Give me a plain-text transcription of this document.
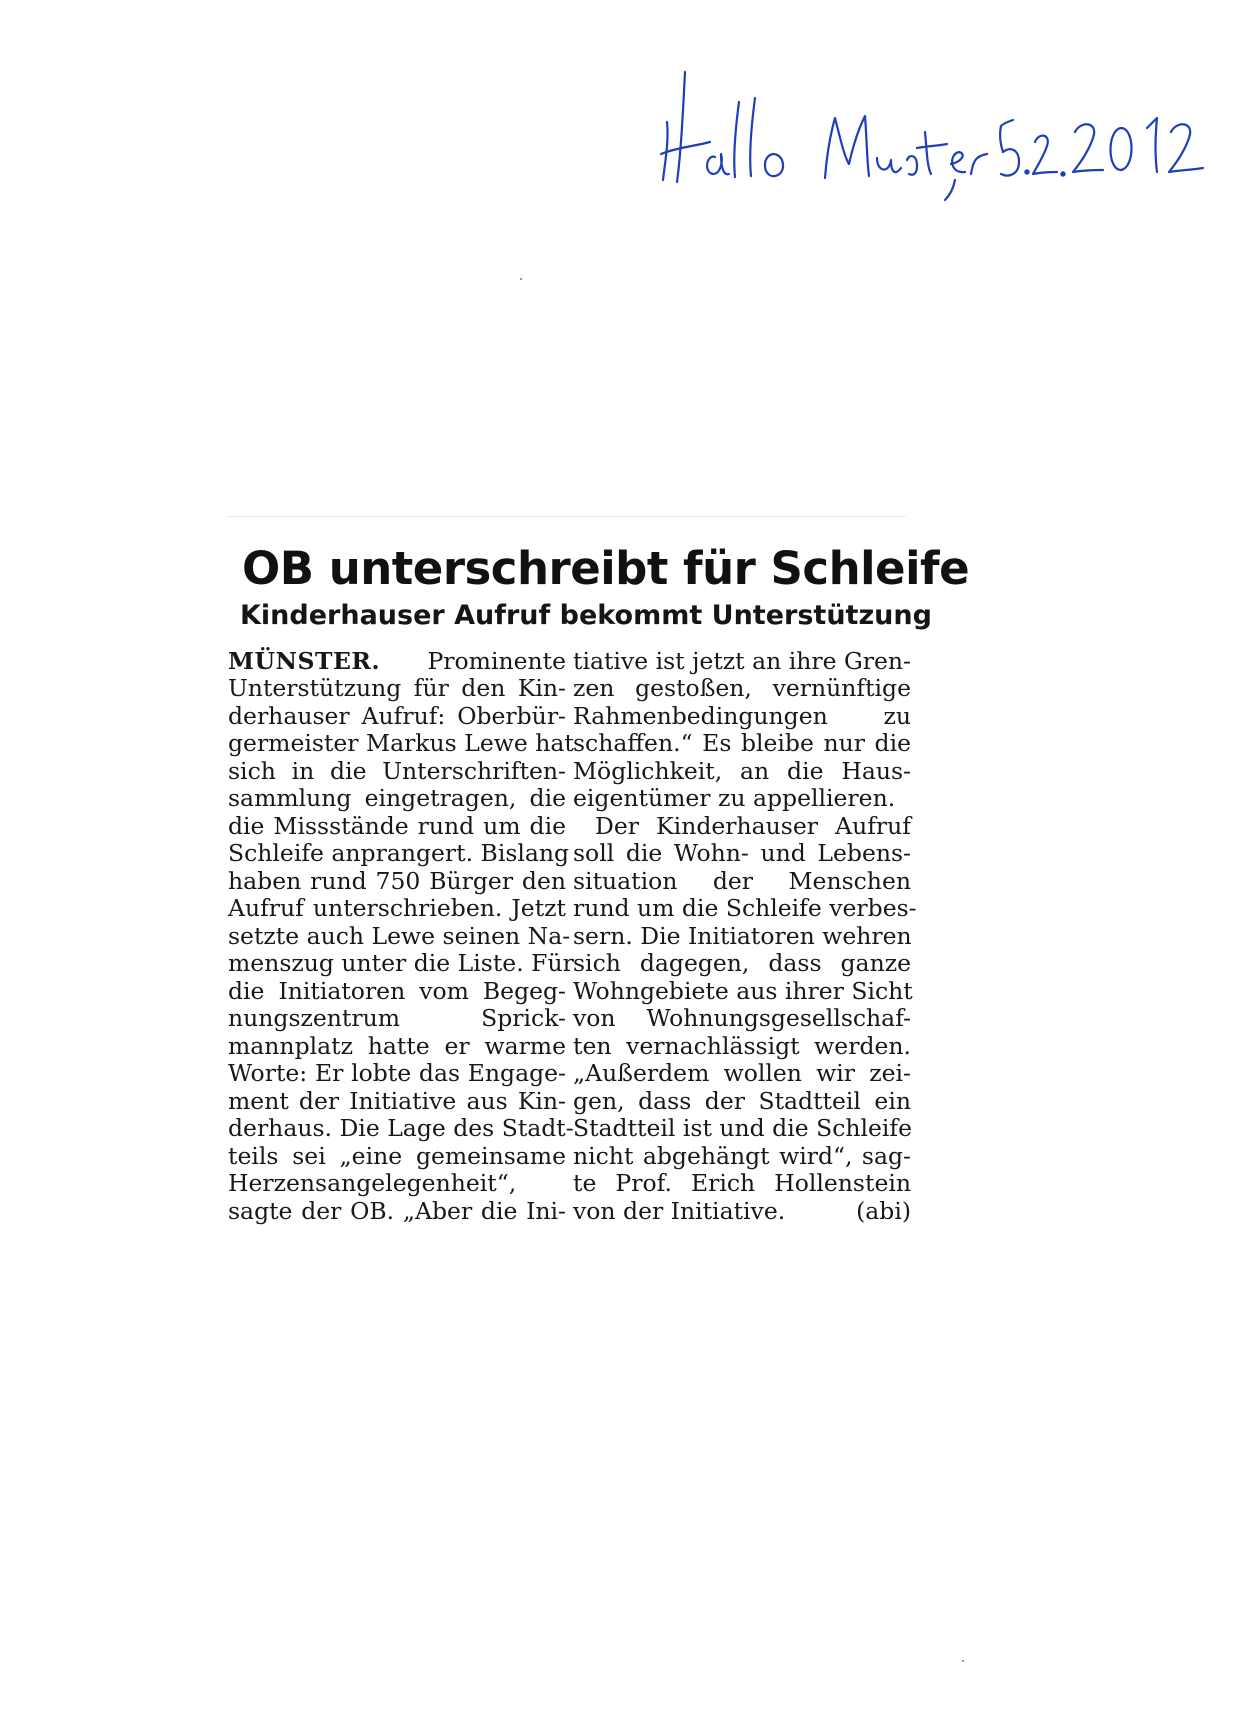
OB unterschreibt für Schleife
Kinderhauser Aufruf bekommt Unterstützung
MÜNSTER. Prominente
Unterstützung für den Kin-
derhauser Aufruf: Oberbür-
germeister Markus Lewe hat
sich in die Unterschriften-
sammlung eingetragen, die
die Missstände rund um die
Schleife anprangert. Bislang
haben rund 750 Bürger den
Aufruf unterschrieben. Jetzt
setzte auch Lewe seinen Na-
menszug unter die Liste. Für
die Initiatoren vom Begeg-
nungszentrum Sprick-
mannplatz hatte er warme
Worte: Er lobte das Engage-
ment der Initiative aus Kin-
derhaus. Die Lage des Stadt-
teils sei „eine gemeinsame
Herzensangelegenheit“,
sagte der OB. „Aber die Ini-
tiative ist jetzt an ihre Gren-
zen gestoßen, vernünftige
Rahmenbedingungen zu
schaffen.“ Es bleibe nur die
Möglichkeit, an die Haus-
eigentümer zu appellieren.
Der Kinderhauser Aufruf
soll die Wohn- und Lebens-
situation der Menschen
rund um die Schleife verbes-
sern. Die Initiatoren wehren
sich dagegen, dass ganze
Wohngebiete aus ihrer Sicht
von Wohnungsgesellschaf-
ten vernachlässigt werden.
„Außerdem wollen wir zei-
gen, dass der Stadtteil ein
Stadtteil ist und die Schleife
nicht abgehängt wird“, sag-
te Prof. Erich Hollenstein
von der Initiative.	(abi)
